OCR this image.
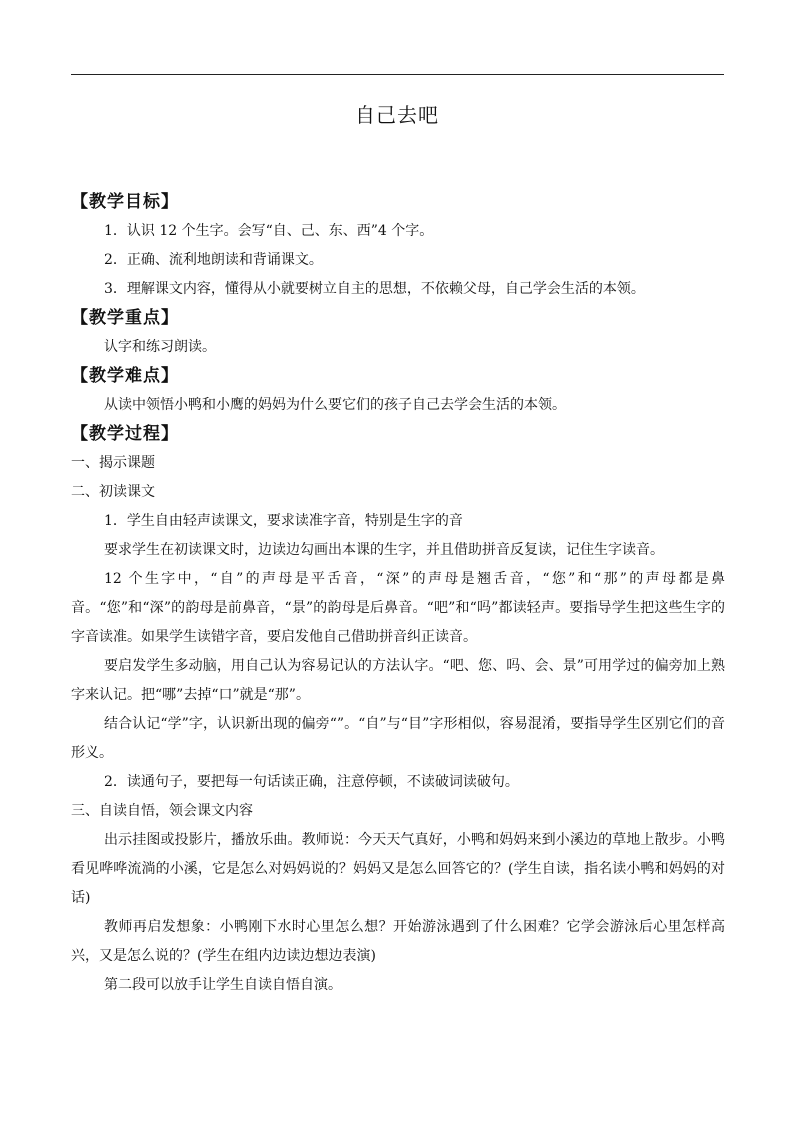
自己去吧

【教学目标】

1．认识 12 个生字。会写“自、己、东、西”4 个字。

2．正确、流利地朗读和背诵课文。

3．理解课文内容，懂得从小就要树立自主的思想，不依赖父母，自己学会生活的本领。

【教学重点】

认字和练习朗读。

【教学难点】

从读中领悟小鸭和小鹰的妈妈为什么要它们的孩子自己去学会生活的本领。

【教学过程】

一、揭示课题

二、初读课文

1．学生自由轻声读课文，要求读准字音，特别是生字的音

要求学生在初读课文时，边读边勾画出本课的生字，并且借助拼音反复读，记住生字读音。

12 个生字中，“自”的声母是平舌音，“深”的声母是翘舌音，“您”和“那”的声母都是鼻音。“您”和“深”的韵母是前鼻音，“景”的韵母是后鼻音。“吧”和“吗”都读轻声。要指导学生把这些生字的字音读准。如果学生读错字音，要启发他自己借助拼音纠正读音。

要启发学生多动脑，用自己认为容易记认的方法认字。“吧、您、吗、会、景”可用学过的偏旁加上熟字来认记。把“哪”去掉“口”就是“那”。

结合认记“学”字，认识新出现的偏旁“”。“自”与“目”字形相似，容易混淆，要指导学生区别它们的音形义。

2．读通句子，要把每一句话读正确，注意停顿，不读破词读破句。

三、自读自悟，领会课文内容

出示挂图或投影片，播放乐曲。教师说：今天天气真好，小鸭和妈妈来到小溪边的草地上散步。小鸭看见哗哗流淌的小溪，它是怎么对妈妈说的？妈妈又是怎么回答它的？(学生自读，指名读小鸭和妈妈的对话)

教师再启发想象：小鸭刚下水时心里怎么想？开始游泳遇到了什么困难？它学会游泳后心里怎样高兴，又是怎么说的？(学生在组内边读边想边表演)

第二段可以放手让学生自读自悟自演。
